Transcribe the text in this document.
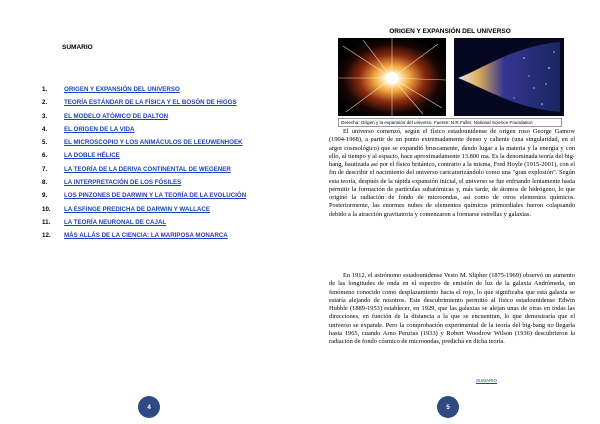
SUMARIO
1.	ORIGEN Y EXPANSIÓN DEL UNIVERSO
2.	TEORÍA ESTÁNDAR DE LA FÍSICA Y EL BOSÓN DE HIGGS
3.	EL MODELO ATÓMICO DE DALTON
4.	EL ORIGEN DE LA VIDA
5.	EL MICROSCOPIO Y LOS ANIMÁCULOS DE LEEUWENHOEK
6.	LA DOBLE HÉLICE
7.	LA TEORÍA DE LA DERIVA CONTINENTAL DE WEGENER
8.	LA INTERPRETACIÓN DE LOS FÓSILES
9.	LOS PINZONES DE DARWIN Y LA TEORÍA DE LA EVOLUCIÓN
10.	LA ESFINGE PREDICHA DE DARWIN Y WALLACE
11.	LA TEORÍA NEURONAL DE CAJAL
12.	MÁS ALLÁS DE LA CIENCIA: LA MARIPOSA MONARCA
4
ORIGEN Y EXPANSIÓN DEL UNIVERSO
Derecha: Origen y la expansión del universo. Fuente: N.R.Fuller, National Science Foundation

El universo comenzó, según el físico estadounidense de origen ruso George Gamow (1904-1968), a partir de un punto extremadamente denso y caliente (una singularidad, en el argot cosmológico) que se expandió bruscamente, dando lugar a la materia y la energía y con ello, al tiempo y al espacio, hace aproximadamente 13.800 ma. Es la denominada teoría del big-bang, bautizada así por el físico británico, contrario a la misma, Fred Hoyle (1915-2001), con el fin de describir el nacimiento del universo caricaturizándolo como una "gran explosión". Según esta teoría, después de la rápida expansión inicial, el universo se fue enfriando lentamente hasta permitir la formación de partículas subatómicas y, más tarde, de átomos de hidrógeno, lo que originó la radiación de fondo de microondas, así como de otros elementos químicos. Posteriormente, las enormes nubes de elementos químicos primordiales fueron colapsando debido a la atracción gravitatoria y comenzaron a formarse estrellas y galaxias.

En 1912, el astrónomo estadounidense Vesto M. Slipher (1875-1969) observó un aumento de las longitudes de onda en el espectro de emisión de luz de la galaxia Andrómeda, un fenómeno conocido como desplazamiento hacia el rojo, lo que significaba que esta galaxia se estaría alejando de nosotros. Este descubrimiento permitió al físico estadounidense Edwin Hubble (1889-1953) establecer, en 1929, que las galaxias se alejan unas de otras en todas las direcciones, en función de la distancia a la que se encuentran, lo que demostraría que el universo se expande. Pero la comprobación experimental de la teoría del big-bang no llegaría hasta 1965, cuando Arno Penzias (1933) y Robert Woodrow Wilson (1936) descubrieron la radiación de fondo cósmico de microondas, predicha en dicha teoría.

SUMARIO
5
